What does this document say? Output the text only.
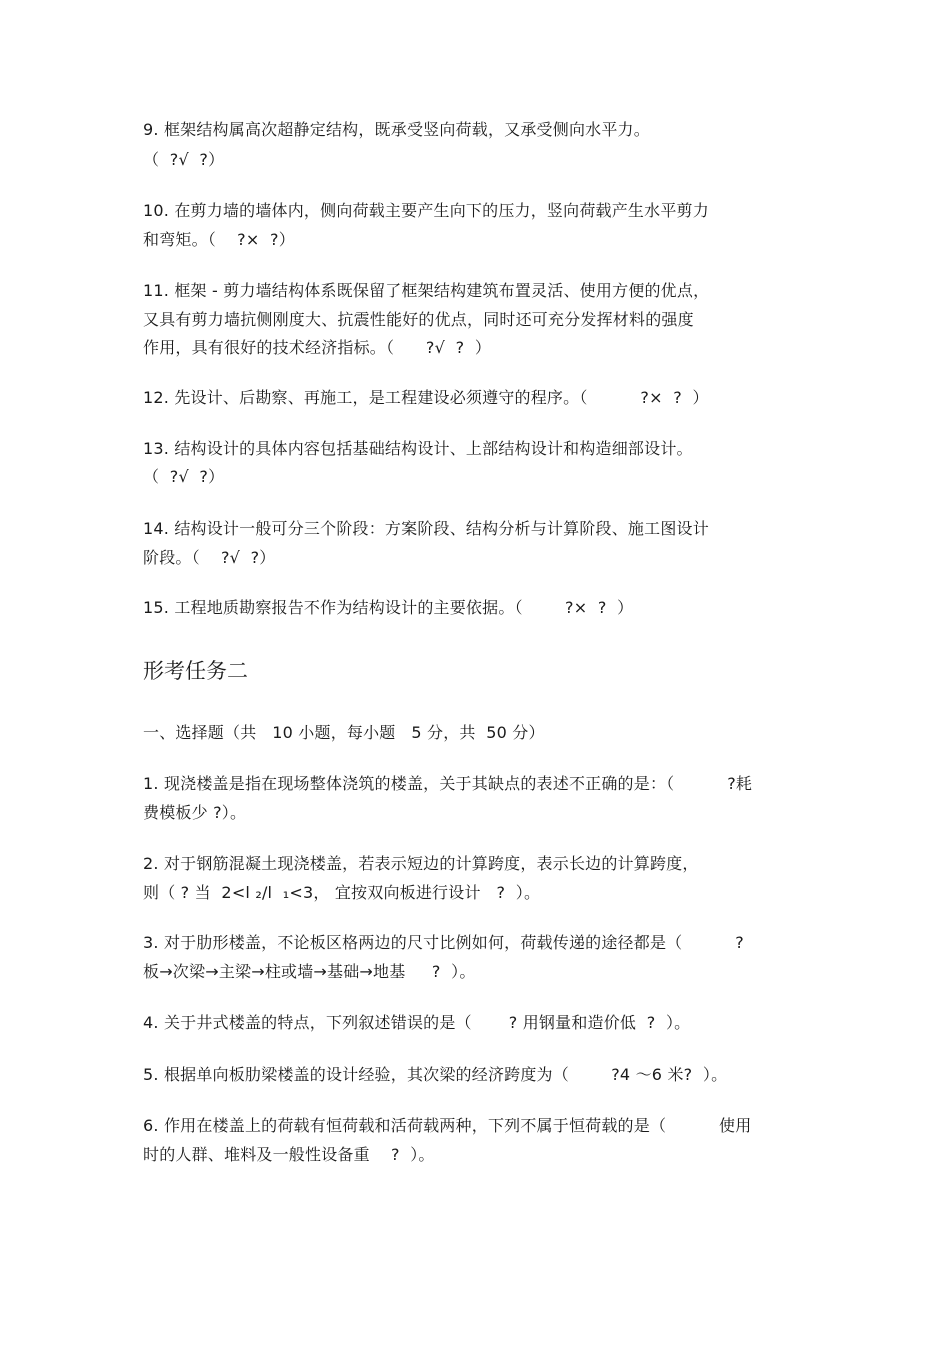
9. 框架结构属高次超静定结构，既承受竖向荷载，又承受侧向水平力。
（  ?√  ?）
10. 在剪力墙的墙体内，侧向荷载主要产生向下的压力，竖向荷载产生水平剪力
和弯矩。（    ?×  ?）
11. 框架 - 剪力墙结构体系既保留了框架结构建筑布置灵活、使用方便的优点，
又具有剪力墙抗侧刚度大、抗震性能好的优点，同时还可充分发挥材料的强度
作用，具有很好的技术经济指标。（      ?√  ?  ）
12. 先设计、后勘察、再施工，是工程建设必须遵守的程序。（          ?×  ?  ）
13. 结构设计的具体内容包括基础结构设计、上部结构设计和构造细部设计。
（  ?√  ?）
14. 结构设计一般可分三个阶段：方案阶段、结构分析与计算阶段、施工图设计
阶段。（    ?√  ?）
15. 工程地质勘察报告不作为结构设计的主要依据。（        ?×  ?  ）
形考任务二
一、选择题（共   10 小题，每小题   5 分，共  50 分）
1. 现浇楼盖是指在现场整体浇筑的楼盖，关于其缺点的表述不正确的是：（          ?耗
费模板少 ?）。
2. 对于钢筋混凝土现浇楼盖，若表示短边的计算跨度，表示长边的计算跨度，
则（ ? 当  2<l ₂/l  ₁<3， 宜按双向板进行设计   ?  ）。
3. 对于肋形楼盖，不论板区格两边的尺寸比例如何，荷载传递的途径都是（          ?
板→次梁→主梁→柱或墙→基础→地基     ?  ）。
4. 关于井式楼盖的特点，下列叙述错误的是（       ? 用钢量和造价低  ?  ）。
5. 根据单向板肋梁楼盖的设计经验，其次梁的经济跨度为（        ?4 ～6 米?  ）。
6. 作用在楼盖上的荷载有恒荷载和活荷载两种，下列不属于恒荷载的是（          使用
时的人群、堆料及一般性设备重    ?  ）。
